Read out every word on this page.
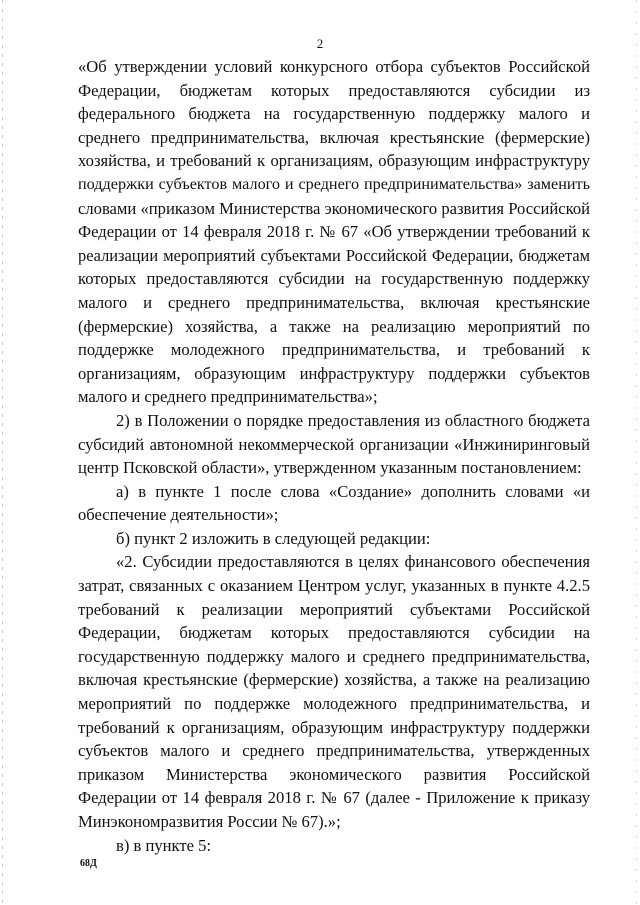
2
«Об утверждении условий конкурсного отбора субъектов Российской
Федерации, бюджетам которых предоставляются субсидии из
федерального бюджета на государственную поддержку малого и
среднего предпринимательства, включая крестьянские (фермерские)
хозяйства, и требований к организациям, образующим инфраструктуру
поддержки субъектов малого и среднего предпринимательства» заменить
словами «приказом Министерства экономического развития Российской
Федерации от 14 февраля 2018 г. № 67 «Об утверждении требований к
реализации мероприятий субъектами Российской Федерации, бюджетам
которых предоставляются субсидии на государственную поддержку
малого и среднего предпринимательства, включая крестьянские
(фермерские) хозяйства, а также на реализацию мероприятий по
поддержке молодежного предпринимательства, и требований к
организациям, образующим инфраструктуру поддержки субъектов
малого и среднего предпринимательства»;
2) в Положении о порядке предоставления из областного бюджета
субсидий автономной некоммерческой организации «Инжиниринговый
центр Псковской области», утвержденном указанным постановлением:
а) в пункте 1 после слова «Создание» дополнить словами «и
обеспечение деятельности»;
б) пункт 2 изложить в следующей редакции:
«2. Субсидии предоставляются в целях финансового обеспечения
затрат, связанных с оказанием Центром услуг, указанных в пункте 4.2.5
требований к реализации мероприятий субъектами Российской
Федерации, бюджетам которых предоставляются субсидии на
государственную поддержку малого и среднего предпринимательства,
включая крестьянские (фермерские) хозяйства, а также на реализацию
мероприятий по поддержке молодежного предпринимательства, и
требований к организациям, образующим инфраструктуру поддержки
субъектов малого и среднего предпринимательства, утвержденных
приказом Министерства экономического развития Российской
Федерации от 14 февраля 2018 г. № 67 (далее - Приложение к приказу
Минэкономразвития России № 67).»;
в) в пункте 5:
68Д
